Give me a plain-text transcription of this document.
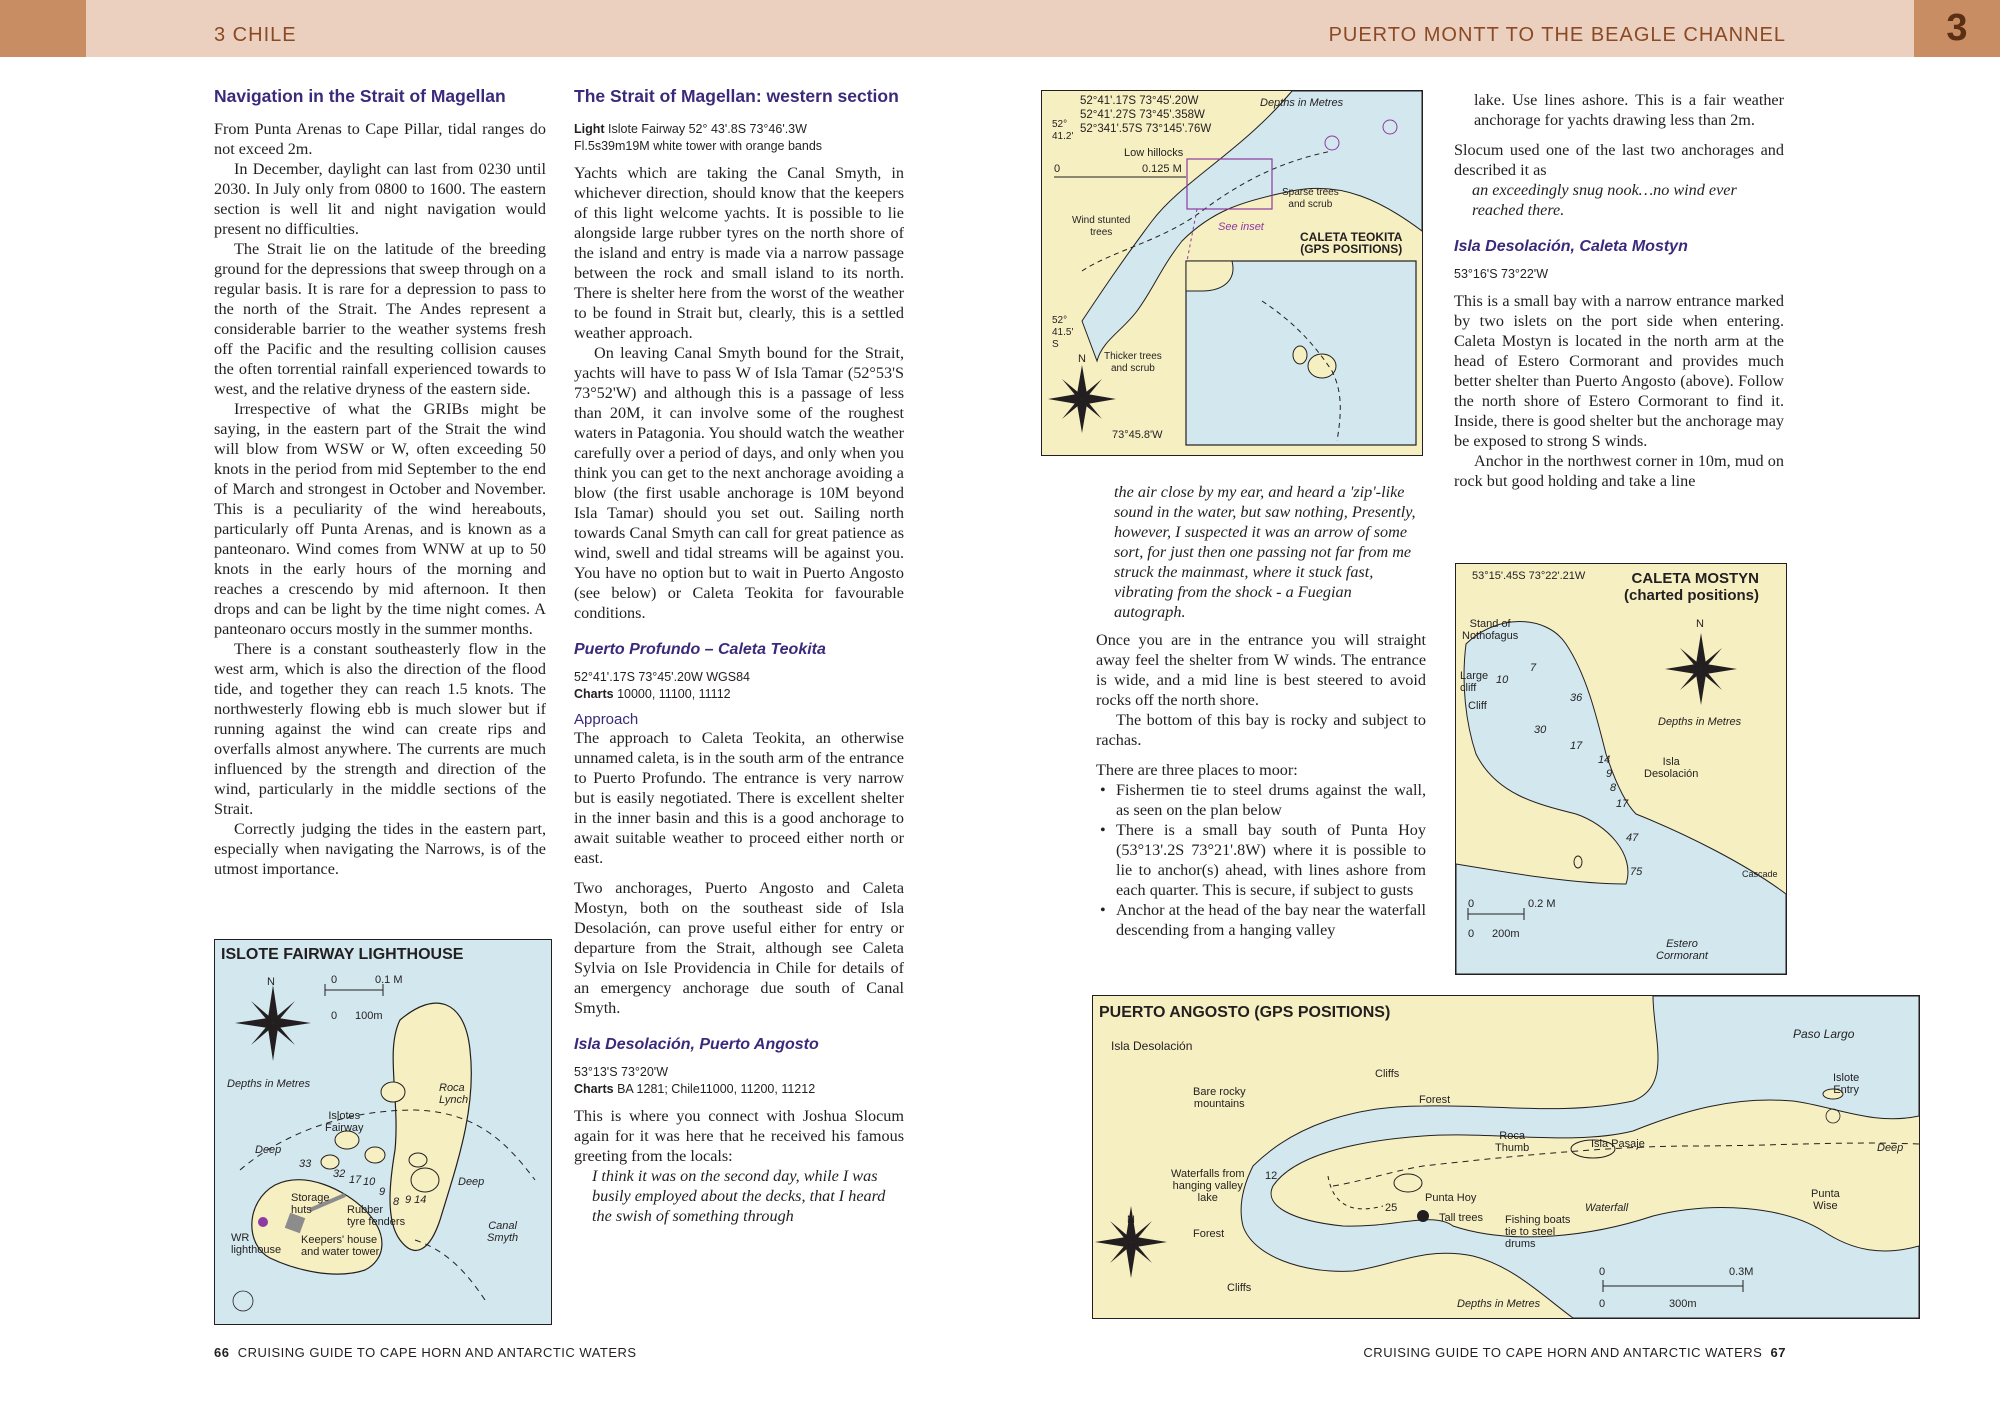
3 CHILE	PUERTO MONTT TO THE BEAGLE CHANNEL	3
Navigation in the Strait of Magellan

From Punta Arenas to Cape Pillar, tidal ranges do not exceed 2m.

In December, daylight can last from 0230 until 2030. In July only from 0800 to 1600. The eastern section is well lit and night navigation would present no difficulties.

The Strait lie on the latitude of the breeding ground for the depressions that sweep through on a regular basis. It is rare for a depression to pass to the north of the Strait. The Andes represent a considerable barrier to the weather systems fresh off the Pacific and the resulting collision causes the often torrential rainfall experienced towards to west, and the relative dryness of the eastern side.

Irrespective of what the GRIBs might be saying, in the eastern part of the Strait the wind will blow from WSW or W, often exceeding 50 knots in the period from mid September to the end of March and strongest in October and November. This is a peculiarity of the wind hereabouts, particularly off Punta Arenas, and is known as a panteonaro. Wind comes from WNW at up to 50 knots in the early hours of the morning and reaches a crescendo by mid afternoon. It then drops and can be light by the time night comes. A panteonaro occurs mostly in the summer months.

There is a constant southeasterly flow in the west arm, which is also the direction of the flood tide, and together they can reach 1.5 knots. The northwesterly flowing ebb is much slower but if running against the wind can create rips and overfalls almost anywhere. The currents are much influenced by the strength and direction of the wind, particularly in the middle sections of the Strait.

Correctly judging the tides in the eastern part, especially when navigating the Narrows, is of the utmost importance.

The Strait of Magellan: western section
Light Islote Fairway 52° 43'.8S 73°46'.3W
Fl.5s39m19M white tower with orange bands

Yachts which are taking the Canal Smyth, in whichever direction, should know that the keepers of this light welcome yachts. It is possible to lie alongside large rubber tyres on the north shore of the island and entry is made via a narrow passage between the rock and small island to its north. There is shelter here from the worst of the weather to be found in Strait but, clearly, this is a settled weather approach.

On leaving Canal Smyth bound for the Strait, yachts will have to pass W of Isla Tamar (52°53'S 73°52'W) and although this is a passage of less than 20M, it can involve some of the roughest waters in Patagonia. You should watch the weather carefully over a period of days, and only when you think you can get to the next anchorage avoiding a blow (the first usable anchorage is 10M beyond Isla Tamar) should you set out. Sailing north towards Canal Smyth can call for great patience as wind, swell and tidal streams will be against you. You have no option but to wait in Puerto Angosto (see below) or Caleta Teokita for favourable conditions.

Puerto Profundo – Caleta Teokita
52°41'.17S 73°45'.20W WGS84
Charts 10000, 11100, 11112
Approach

The approach to Caleta Teokita, an otherwise unnamed caleta, is in the south arm of the entrance to Puerto Profundo. The entrance is very narrow but is easily negotiated. There is excellent shelter in the inner basin and this is a good anchorage to await suitable weather to proceed either north or east.

Two anchorages, Puerto Angosto and Caleta Mostyn, both on the southeast side of Isla Desolación, can prove useful either for entry or departure from the Strait, although see Caleta Sylvia on Isle Providencia in Chile for details of an emergency anchorage due south of Canal Smyth.

Isla Desolación, Puerto Angosto
53°13'S 73°20'W
Charts BA 1281; Chile11000, 11200, 11212

This is where you connect with Joshua Slocum again for it was here that he received his famous greeting from the locals:

I think it was on the second day, while I was busily employed about the decks, that I heard the swish of something through

the air close by my ear, and heard a 'zip'-like sound in the water, but saw nothing, Presently, however, I suspected it was an arrow of some sort, for just then one passing not far from me struck the mainmast, where it stuck fast, vibrating from the shock - a Fuegian autograph.

Once you are in the entrance you will straight away feel the shelter from W winds. The entrance is wide, and a mid line is best steered to avoid rocks off the north shore.

The bottom of this bay is rocky and subject to rachas.

There are three places to moor:

• Fishermen tie to steel drums against the wall, as seen on the plan below
• There is a small bay south of Punta Hoy (53°13'.2S 73°21'.8W) where it is possible to lie to anchor(s) ahead, with lines ashore from each quarter. This is secure, if subject to gusts
• Anchor at the head of the bay near the waterfall descending from a hanging valley

lake. Use lines ashore. This is a fair weather anchorage for yachts drawing less than 2m.

Slocum used one of the last two anchorages and described it as

an exceedingly snug nook…no wind ever reached there.

Isla Desolación, Caleta Mostyn
53°16'S 73°22'W

This is a small bay with a narrow entrance marked by two islets on the port side when entering. Caleta Mostyn is located in the north arm at the head of Estero Cormorant and provides much better shelter than Puerto Angosto (above). Follow the north shore of Estero Cormorant to find it. Inside, there is good shelter but the anchorage may be exposed to strong S winds.

Anchor in the northwest corner in 10m, mud on rock but good holding and take a line

ISLOTE FAIRWAY LIGHTHOUSE
N	0	0.1 M
0 100m
Depths in Metres	Roca
Lynch
Islotes
Fairway
Deep
Deep
33
32 17 10
9
8 9 14
Storage
huts	Rubber
tyre fenders
WR
lighthouse
Keepers' house
and water tower
Canal
Smyth
52°41'.17S 73°45'.20W
52°41'.27S 73°45'.358W
52°341'.57S 73°145'.76W
Depths in Metres
52°
41.2'
Low hillocks
0	0.125 M
Sparse trees
and scrub
Wind stunted
trees	See inset
CALETA TEOKITA
(GPS POSITIONS)
52°
41.5'
S
N Thicker trees
and scrub
73°45.8'W
53°15'.45S 73°22'.21W	CALETA MOSTYN
(charted positions)
Stand of
Nothofagus
N
Large
cliff
Cliff
Depths in Metres
Isla
Desolación
Cascade
0	0.2 M
0 200m
Estero
Cormorant
10
7
36
30
17
14
9
8
17
47
75
PUERTO ANGOSTO (GPS POSITIONS)
Isla Desolación
Paso Largo
Cliffs	Islote
Entry
Bare rocky
mountains	Forest
Roca
Thumb	Isla Pasaje	Deep
Waterfalls from
hanging valley
lake
12
Punta Hoy
Waterfall
Punta
Wise
25
Tall trees Fishing boats
tie to steel
drums
Forest
N
Cliffs
Depths in Metres
0	0.3M
0	300m
66 CRUISING GUIDE TO CAPE HORN AND ANTARCTIC WATERS	CRUISING GUIDE TO CAPE HORN AND ANTARCTIC WATERS 67
